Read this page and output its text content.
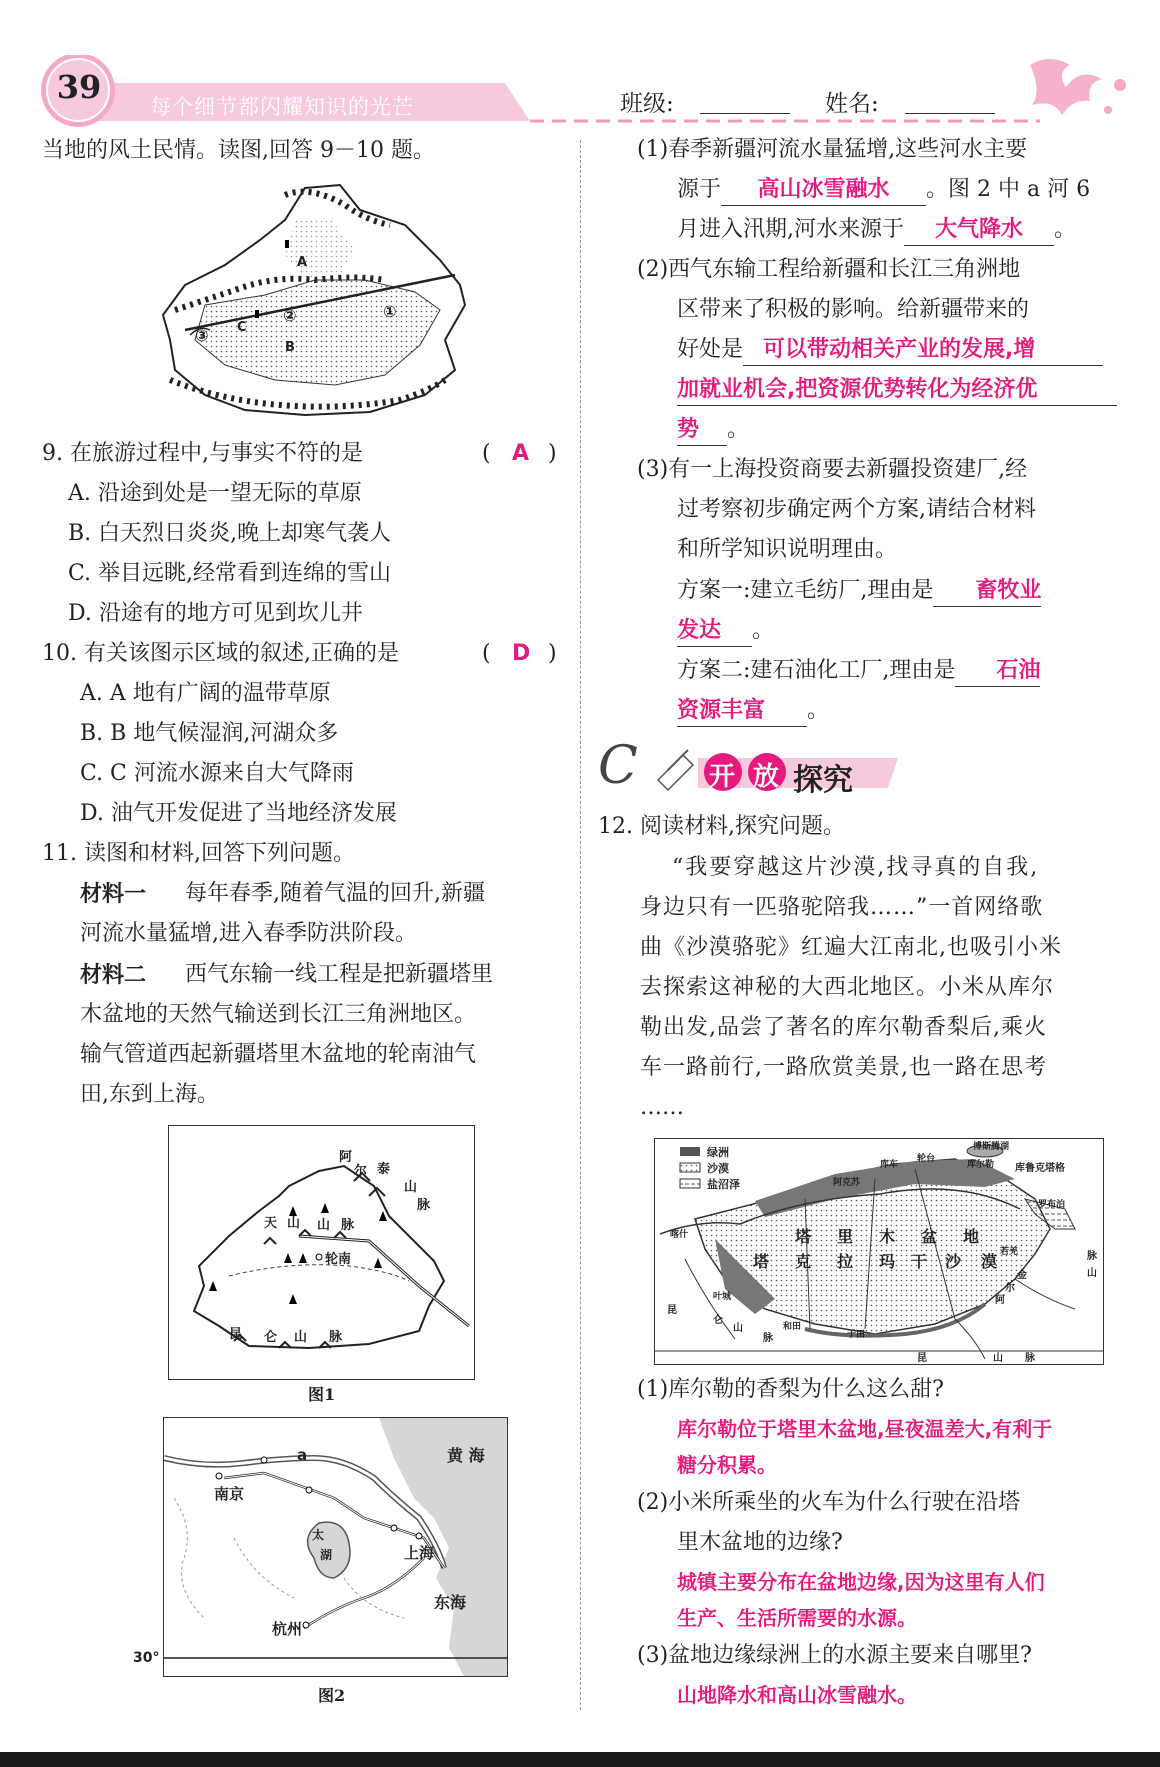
39
每个细节都闪耀知识的光芒	班级:	姓名:
当地的风土民情。读图,回答 9－10 题。
A
B
C
①
②
③
9. 在旅游过程中,与事实不符的是	( A )
A. 沿途到处是一望无际的草原
B. 白天烈日炎炎,晚上却寒气袭人
C. 举目远眺,经常看到连绵的雪山
D. 沿途有的地方可见到坎儿井
10. 有关该图示区域的叙述,正确的是	( D )
A. A 地有广阔的温带草原
B. B 地气候湿润,河湖众多
C. C 河流水源来自大气降雨
D. 油气开发促进了当地经济发展
11. 读图和材料,回答下列问题。
材料一 每年春季,随着气温的回升,新疆
河流水量猛增,进入春季防洪阶段。
材料二 西气东输一线工程是把新疆塔里
木盆地的天然气输送到长江三角洲地区。
输气管道西起新疆塔里木盆地的轮南油气
田,东到上海。
阿
尔 泰
山
脉
天 山 山 脉
轮南
昆 仑 山 脉
图1
黄 海
a
南京
太
湖	上海
东海
杭州
30°
图2
(1)春季新疆河流水量猛增,这些河水主要
源于 高山冰雪融水 。图 2 中 a 河 6
月进入汛期,河水来源于 大气降水 。
(2)西气东输工程给新疆和长江三角洲地
区带来了积极的影响。给新疆带来的
好处是 可以带动相关产业的发展,增
加就业机会,把资源优势转化为经济优
势 。
(3)有一上海投资商要去新疆投资建厂,经
过考察初步确定两个方案,请结合材料
和所学知识说明理由。
方案一:建立毛纺厂,理由是 畜牧业
发达 。
方案二:建石油化工厂,理由是 石油
资源丰富 。
C	开 放 探究
12. 阅读材料,探究问题。
“我要穿越这片沙漠,找寻真的自我,
身边只有一匹骆驼陪我……”一首网络歌
曲《沙漠骆驼》红遍大江南北,也吸引小米
去探索这神秘的大西北地区。小米从库尔
勒出发,品尝了著名的库尔勒香梨后,乘火
车一路前行,一路欣赏美景,也一路在思考
……
绿洲
沙漠
盐沼泽
博斯腾湖
库车
轮台
库尔勒 库鲁克塔格
阿克苏
罗布泊
喀什	塔 里 木 盆 地
塔 克 拉 玛 干 沙 漠 若羌
叶城
和田
于田
阿
尔
金	山
脉
昆
仑
山
脉
昆	山 脉
(1)库尔勒的香梨为什么这么甜?
库尔勒位于塔里木盆地,昼夜温差大,有利于
糖分积累。
(2)小米所乘坐的火车为什么行驶在沿塔
里木盆地的边缘?
城镇主要分布在盆地边缘,因为这里有人们
生产、生活所需要的水源。
(3)盆地边缘绿洲上的水源主要来自哪里?
山地降水和高山冰雪融水。
